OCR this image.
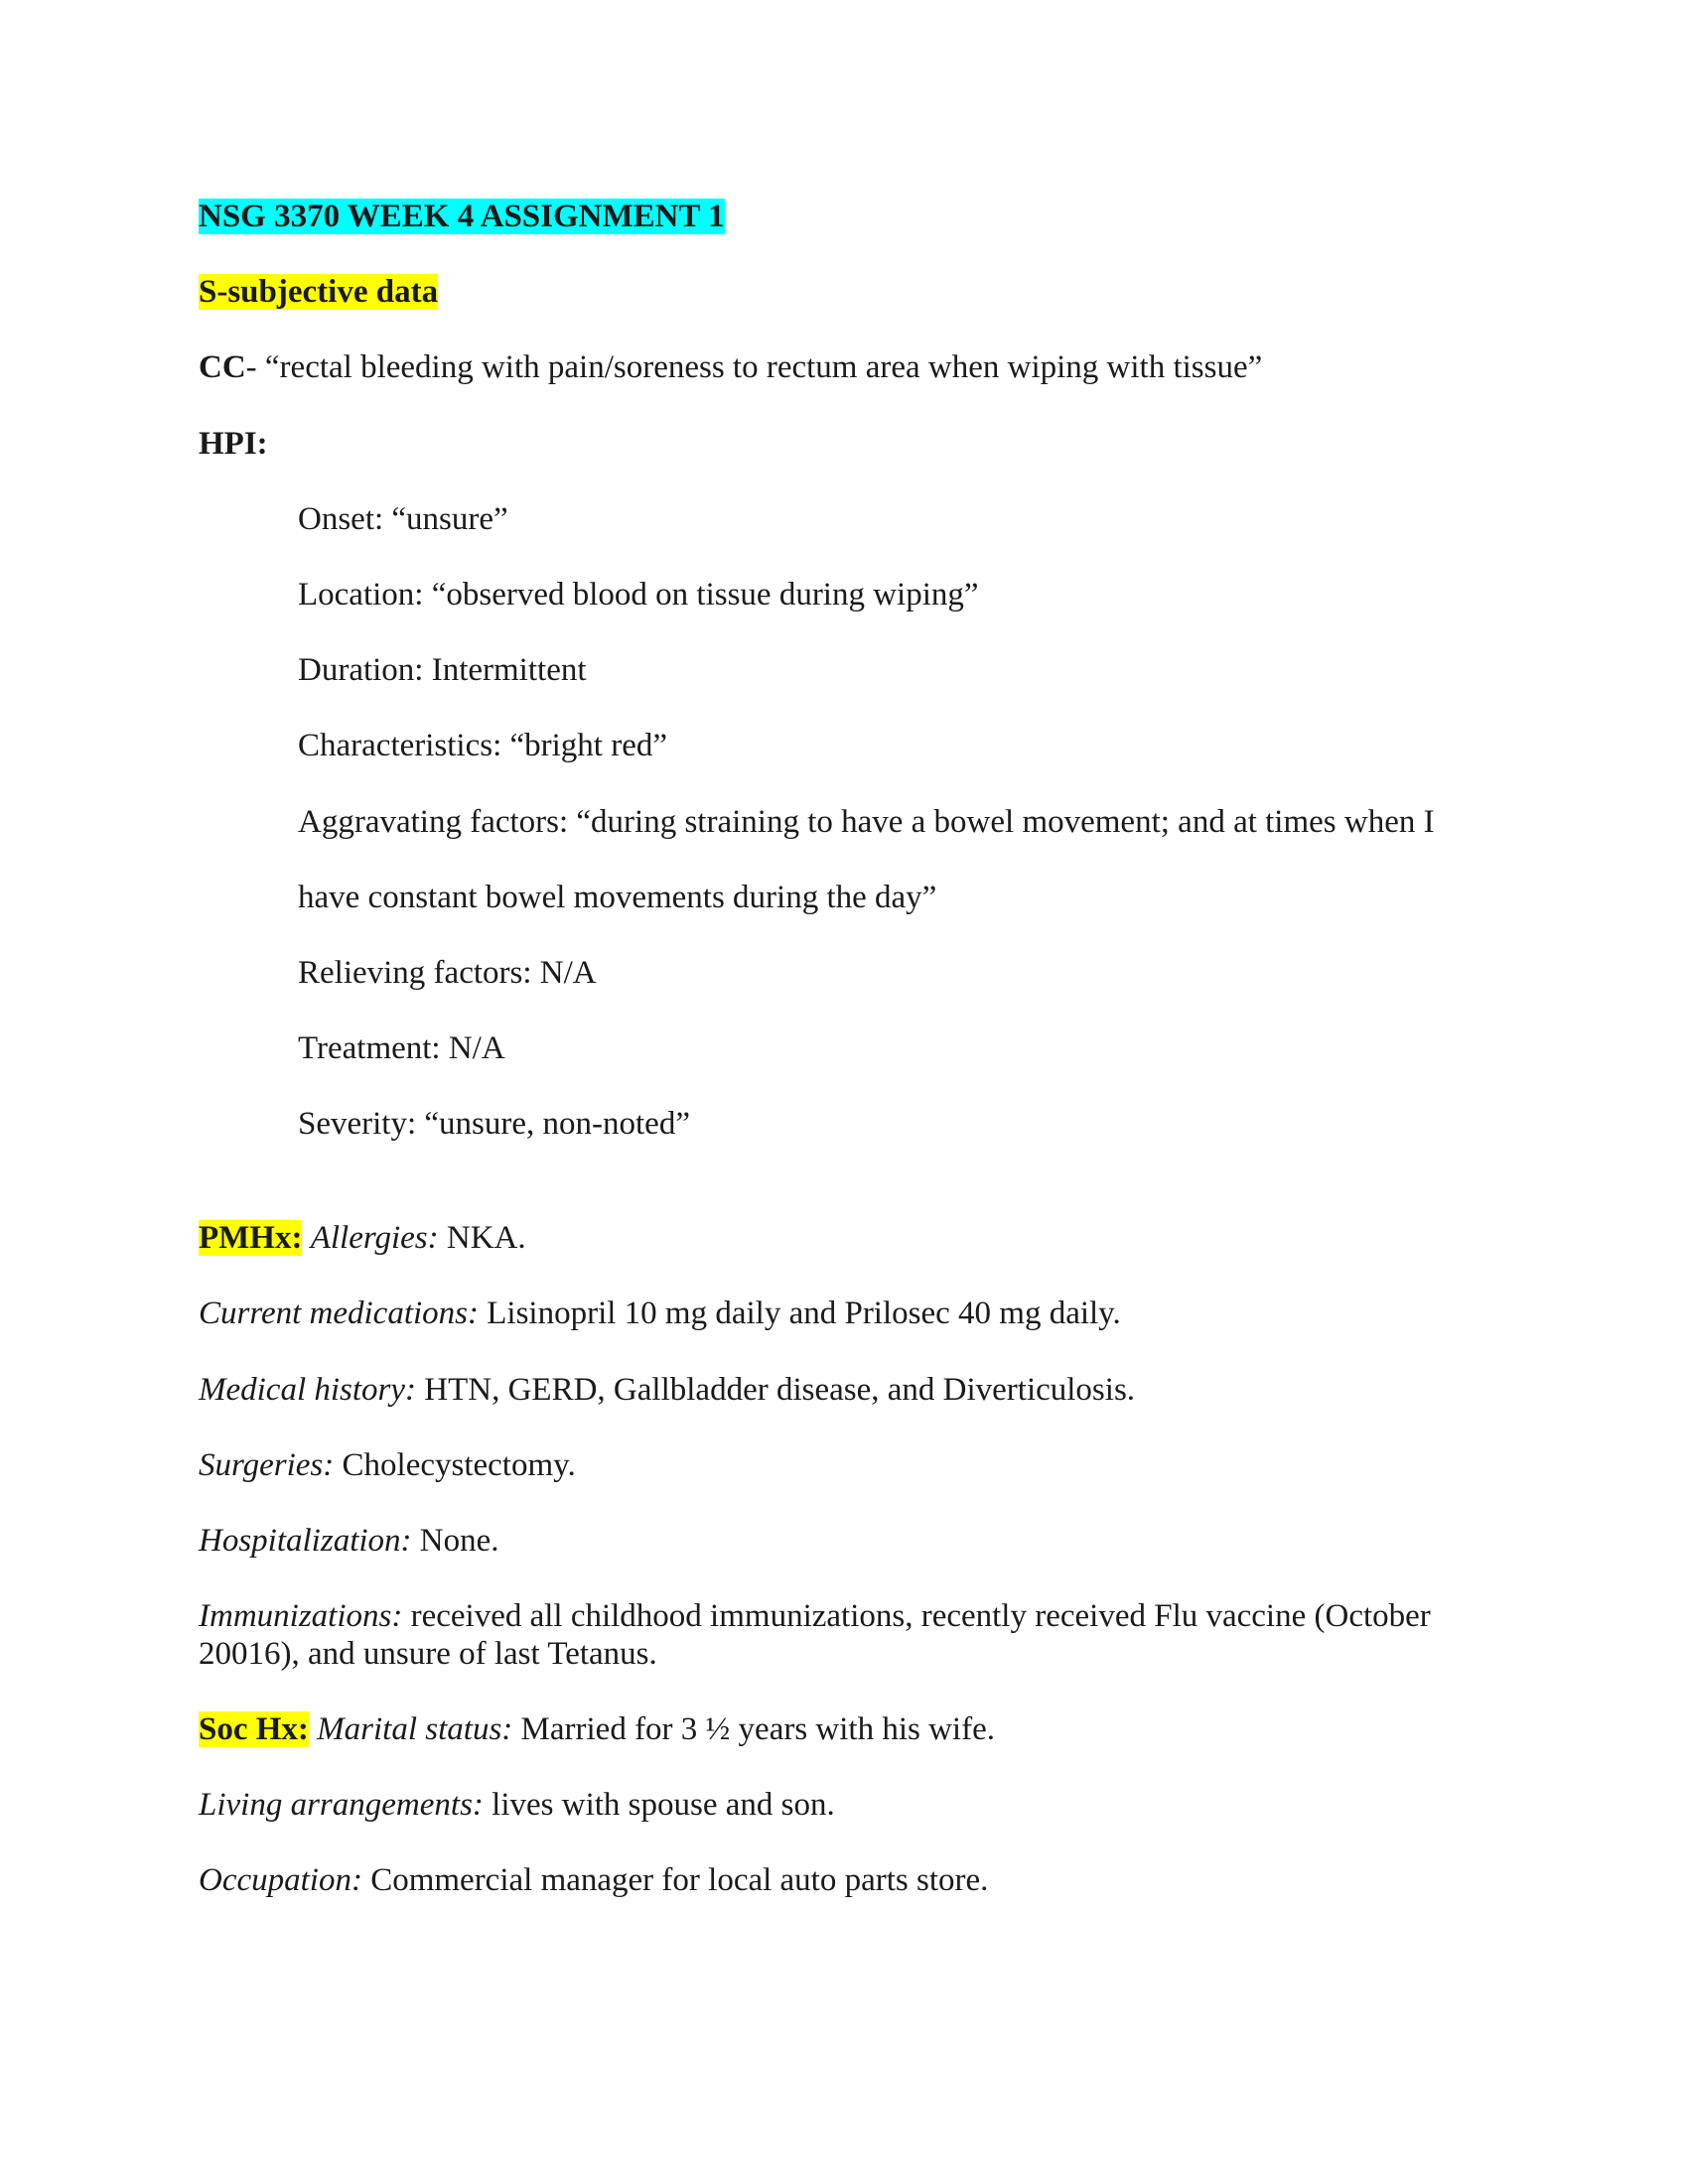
NSG 3370 WEEK 4 ASSIGNMENT 1
S-subjective data
CC- “rectal bleeding with pain/soreness to rectum area when wiping with tissue”
HPI:
Onset: “unsure”
Location: “observed blood on tissue during wiping”
Duration: Intermittent
Characteristics: “bright red”
Aggravating factors: “during straining to have a bowel movement; and at times when I
have constant bowel movements during the day”
Relieving factors: N/A
Treatment: N/A
Severity: “unsure, non-noted”
PMHx: Allergies: NKA.
Current medications: Lisinopril 10 mg daily and Prilosec 40 mg daily.
Medical history: HTN, GERD, Gallbladder disease, and Diverticulosis.
Surgeries: Cholecystectomy.
Hospitalization: None.
Immunizations: received all childhood immunizations, recently received Flu vaccine (October
20016), and unsure of last Tetanus.
Soc Hx: Marital status: Married for 3 ½ years with his wife.
Living arrangements: lives with spouse and son.
Occupation: Commercial manager for local auto parts store.
